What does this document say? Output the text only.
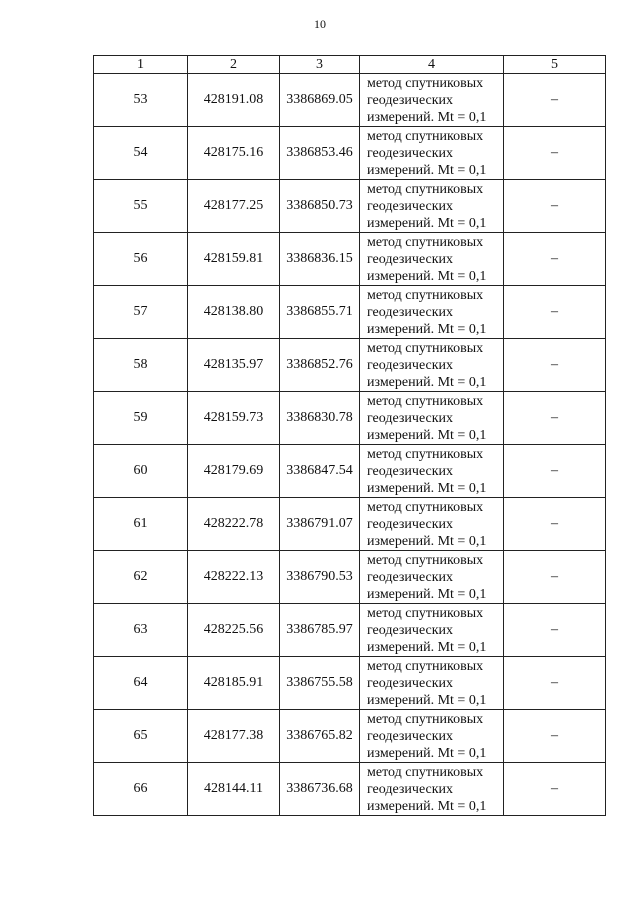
10
1	2	3	4	5
53	428191.08	3386869.05	метод спутниковых
геодезических
измерений. Mt = 0,1	–
54	428175.16	3386853.46	метод спутниковых
геодезических
измерений. Mt = 0,1	–
55	428177.25	3386850.73	метод спутниковых
геодезических
измерений. Mt = 0,1	–
56	428159.81	3386836.15	метод спутниковых
геодезических
измерений. Mt = 0,1	–
57	428138.80	3386855.71	метод спутниковых
геодезических
измерений. Mt = 0,1	–
58	428135.97	3386852.76	метод спутниковых
геодезических
измерений. Mt = 0,1	–
59	428159.73	3386830.78	метод спутниковых
геодезических
измерений. Mt = 0,1	–
60	428179.69	3386847.54	метод спутниковых
геодезических
измерений. Mt = 0,1	–
61	428222.78	3386791.07	метод спутниковых
геодезических
измерений. Mt = 0,1	–
62	428222.13	3386790.53	метод спутниковых
геодезических
измерений. Mt = 0,1	–
63	428225.56	3386785.97	метод спутниковых
геодезических
измерений. Mt = 0,1	–
64	428185.91	3386755.58	метод спутниковых
геодезических
измерений. Mt = 0,1	–
65	428177.38	3386765.82	метод спутниковых
геодезических
измерений. Mt = 0,1	–
66	428144.11	3386736.68	метод спутниковых
геодезических
измерений. Mt = 0,1	–
